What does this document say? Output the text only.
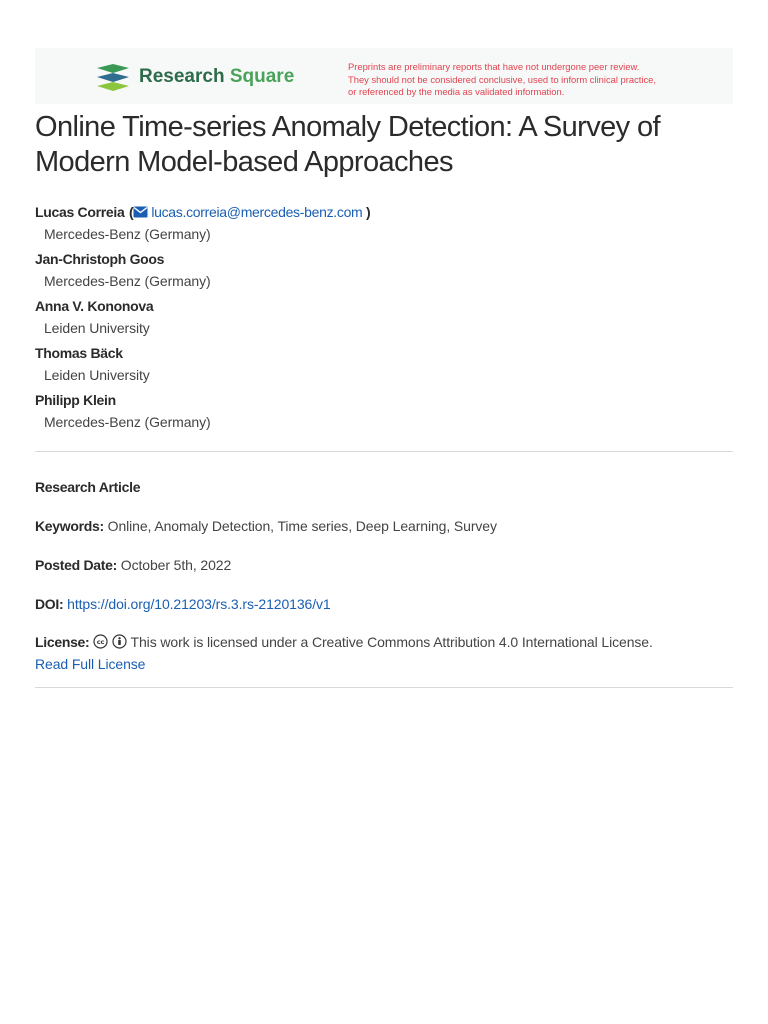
Research Square	Preprints are preliminary reports that have not undergone peer review.
They should not be considered conclusive, used to inform clinical practice,
or referenced by the media as validated information.
Online Time-series Anomaly Detection: A Survey of Modern Model-based Approaches
Lucas Correia  ( lucas.correia@mercedes-benz.com )
Mercedes-Benz (Germany)
Jan-Christoph Goos
Mercedes-Benz (Germany)
Anna V. Kononova
Leiden University
Thomas Bäck
Leiden University
Philipp Klein
Mercedes-Benz (Germany)
Research Article
Keywords: Online, Anomaly Detection, Time series, Deep Learning, Survey
Posted Date: October 5th, 2022
DOI: https://doi.org/10.21203/rs.3.rs-2120136/v1
License: cc This work is licensed under a Creative Commons Attribution 4.0 International License.
Read Full License
